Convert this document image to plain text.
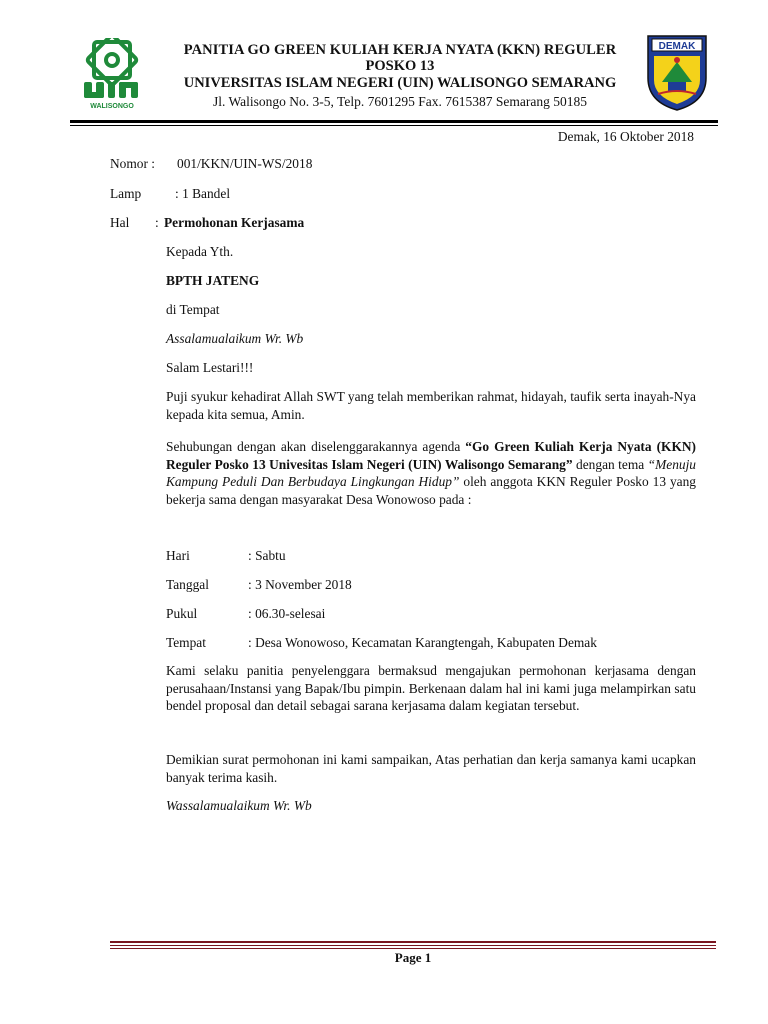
WALISONGO
PANITIA GO GREEN KULIAH KERJA NYATA (KKN) REGULER
POSKO 13
UNIVERSITAS ISLAM NEGERI (UIN) WALISONGO SEMARANG
Jl. Walisongo No. 3-5, Telp. 7601295 Fax. 7615387 Semarang 50185
DEMAK
Demak, 16 Oktober 2018
Nomor : 001/KKN/UIN-WS/2018
Lamp	: 1 Bandel
Hal : Permohonan Kerjasama
Kepada Yth.
BPTH JATENG
di Tempat
Assalamualaikum Wr. Wb
Salam Lestari!!!
Puji syukur kehadirat Allah SWT yang telah memberikan rahmat, hidayah, taufik serta inayah-Nya kepada kita semua, Amin.
Sehubungan dengan akan diselenggarakannya agenda “Go Green Kuliah Kerja Nyata (KKN) Reguler Posko 13 Univesitas Islam Negeri (UIN) Walisongo Semarang” dengan tema “Menuju Kampung Peduli Dan Berbudaya Lingkungan Hidup” oleh anggota KKN Reguler Posko 13 yang bekerja sama dengan masyarakat Desa Wonowoso pada :
Hari	: Sabtu
Tanggal	: 3 November 2018
Pukul	: 06.30-selesai
Tempat	: Desa Wonowoso, Kecamatan Karangtengah, Kabupaten Demak
Kami selaku panitia penyelenggara bermaksud mengajukan permohonan kerjasama dengan perusahaan/Instansi yang Bapak/Ibu pimpin. Berkenaan dalam hal ini kami juga melampirkan satu bendel proposal dan detail sebagai sarana kerjasama dalam kegiatan tersebut.
Demikian surat permohonan ini kami sampaikan, Atas perhatian dan kerja samanya kami ucapkan banyak terima kasih.
Wassalamualaikum Wr. Wb
Page 1
